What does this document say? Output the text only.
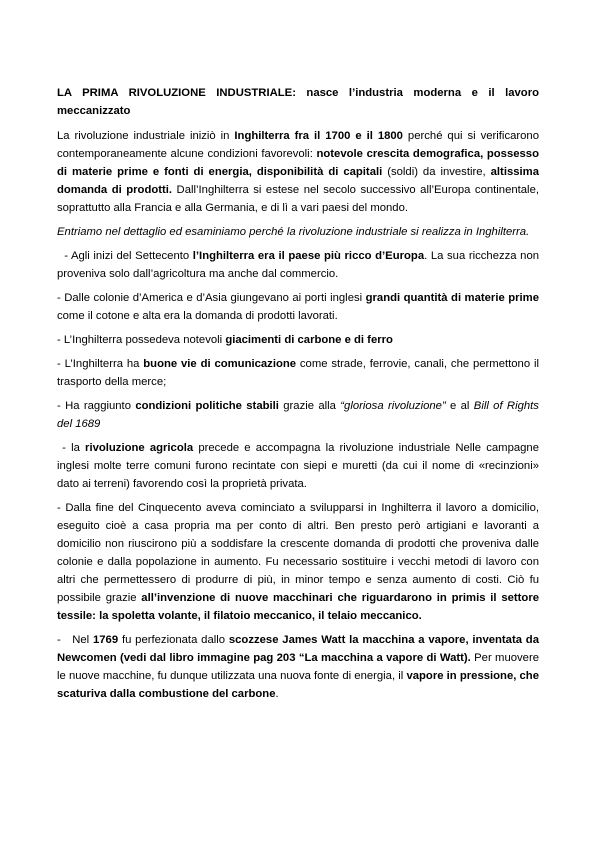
LA PRIMA RIVOLUZIONE INDUSTRIALE: nasce l’industria moderna e il lavoro meccanizzato

La rivoluzione industriale iniziò in Inghilterra fra il 1700 e il 1800 perché qui si verificarono contemporaneamente alcune condizioni favorevoli: notevole crescita demografica, possesso di materie prime e fonti di energia, disponibilità di capitali (soldi) da investire, altissima domanda di prodotti. Dall’Inghilterra si estese nel secolo successivo all’Europa continentale, soprattutto alla Francia e alla Germania, e di lì a vari paesi del mondo.

Entriamo nel dettaglio ed esaminiamo perché la rivoluzione industriale si realizza in Inghilterra.

- Agli inizi del Settecento l’Inghilterra era il paese più ricco d’Europa. La sua ricchezza non proveniva solo dall’agricoltura ma anche dal commercio.

- Dalle colonie d’America e d’Asia giungevano ai porti inglesi grandi quantità di materie prime come il cotone e alta era la domanda di prodotti lavorati.

- L’Inghilterra possedeva notevoli giacimenti di carbone e di ferro

- L’Inghilterra ha buone vie di comunicazione come strade, ferrovie, canali, che permettono il trasporto della merce;

- Ha raggiunto condizioni politiche stabili grazie alla “gloriosa rivoluzione” e al Bill of Rights del 1689

- la rivoluzione agricola precede e accompagna la rivoluzione industriale Nelle campagne inglesi molte terre comuni furono recintate con siepi e muretti (da cui il nome di «recinzioni» dato ai terreni) favorendo così la proprietà privata.

- Dalla fine del Cinquecento aveva cominciato a svilupparsi in Inghilterra il lavoro a domicilio, eseguito cioè a casa propria ma per conto di altri. Ben presto però artigiani e lavoranti a domicilio non riuscirono più a soddisfare la crescente domanda di prodotti che proveniva dalle colonie e dalla popolazione in aumento. Fu necessario sostituire i vecchi metodi di lavoro con altri che permettessero di produrre di più, in minor tempo e senza aumento di costi. Ciò fu possibile grazie all’invenzione di nuove macchinari che riguardarono in primis il settore tessile: la spoletta volante, il filatoio meccanico, il telaio meccanico.

-   Nel 1769 fu perfezionata dallo scozzese James Watt la macchina a vapore, inventata da Newcomen (vedi dal libro immagine pag 203 “La macchina a vapore di Watt). Per muovere le nuove macchine, fu dunque utilizzata una nuova fonte di energia, il vapore in pressione, che scaturiva dalla combustione del carbone.
